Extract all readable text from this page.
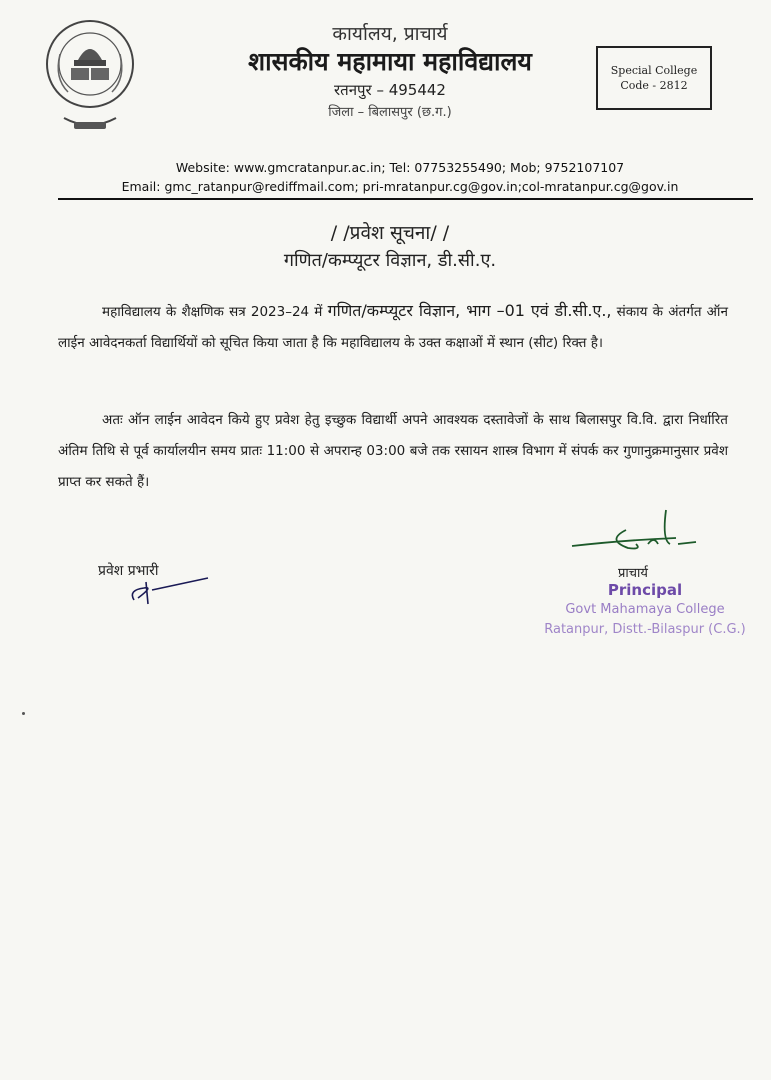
कार्यालय, प्राचार्य
शासकीय महामाया महाविद्यालय
रतनपुर – 495442
जिला – बिलासपुर (छ.ग.)
Special College
Code - 2812
Website: www.gmcratanpur.ac.in; Tel: 07753255490; Mob; 9752107107
Email: gmc_ratanpur@rediffmail.com; pri-mratanpur.cg@gov.in;col-mratanpur.cg@gov.in
/ /प्रवेश सूचना/ /
गणित/कम्प्यूटर विज्ञान, डी.सी.ए.
महाविद्यालय के शैक्षणिक सत्र 2023–24 में गणित/कम्प्यूटर विज्ञान, भाग –01 एवं डी.सी.ए., संकाय के अंतर्गत ऑन लाईन आवेदनकर्ता विद्यार्थियों को सूचित किया जाता है कि महाविद्यालय के उक्त कक्षाओं में स्थान (सीट) रिक्त है।
अतः ऑन लाईन आवेदन किये हुए प्रवेश हेतु इच्छुक विद्यार्थी अपने आवश्यक दस्तावेजों के साथ बिलासपुर वि.वि. द्वारा निर्धारित अंतिम तिथि से पूर्व कार्यालयीन समय प्रातः 11:00 से अपरान्ह 03:00 बजे तक रसायन शास्त्र विभाग में संपर्क कर गुणानुक्रमानुसार प्रवेश प्राप्त कर सकते हैं।
प्रवेश प्रभारी	प्राचार्य
Principal
Govt Mahamaya College
Ratanpur, Distt.-Bilaspur (C.G.)
